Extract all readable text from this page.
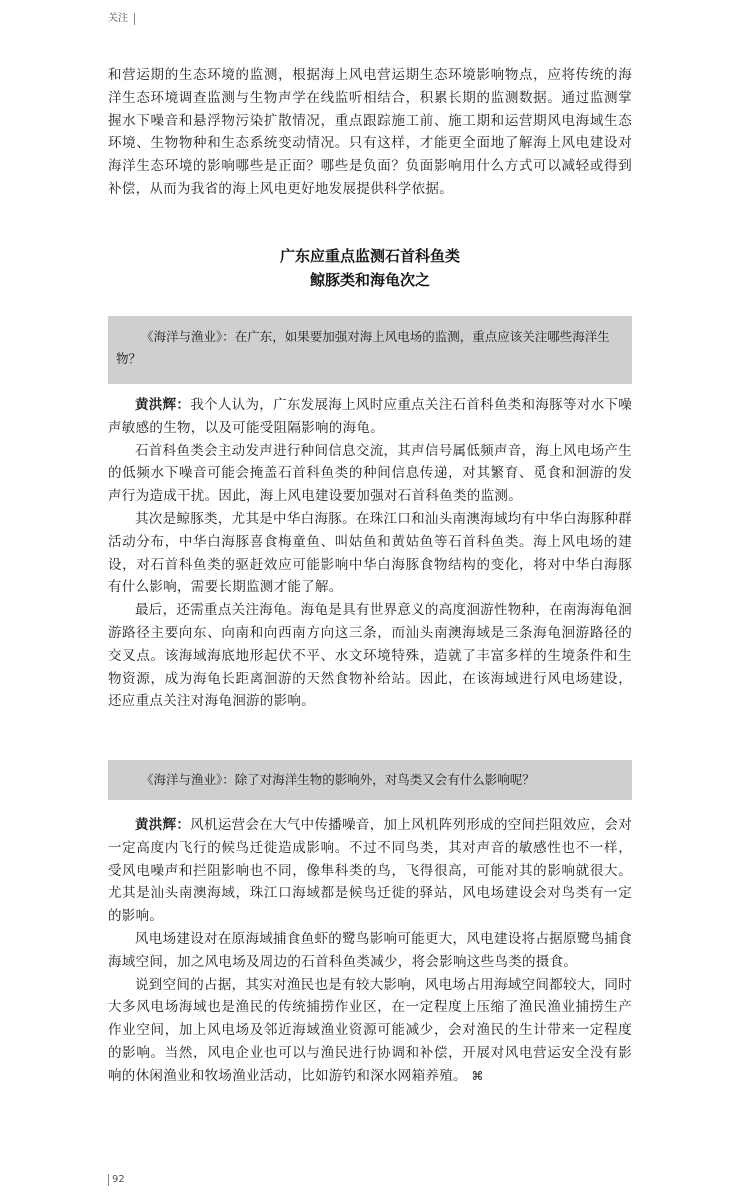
关注

和营运期的生态环境的监测，根据海上风电营运期生态环境影响物点，应将传统的海洋生态环境调查监测与生物声学在线监听相结合，积累长期的监测数据。通过监测掌握水下噪音和悬浮物污染扩散情况，重点跟踪施工前、施工期和运营期风电海域生态环境、生物物种和生态系统变动情况。只有这样，才能更全面地了解海上风电建设对海洋生态环境的影响哪些是正面？哪些是负面？负面影响用什么方式可以减轻或得到补偿，从而为我省的海上风电更好地发展提供科学依据。

广东应重点监测石首科鱼类
鲸豚类和海龟次之

《海洋与渔业》：在广东，如果要加强对海上风电场的监测，重点应该关注哪些海洋生物？

黄洪辉：我个人认为，广东发展海上风时应重点关注石首科鱼类和海豚等对水下噪声敏感的生物，以及可能受阻隔影响的海龟。

石首科鱼类会主动发声进行种间信息交流，其声信号属低频声音，海上风电场产生的低频水下噪音可能会掩盖石首科鱼类的种间信息传递，对其繁育、觅食和洄游的发声行为造成干扰。因此，海上风电建设要加强对石首科鱼类的监测。

其次是鲸豚类，尤其是中华白海豚。在珠江口和汕头南澳海域均有中华白海豚种群活动分布，中华白海豚喜食梅童鱼、叫姑鱼和黄姑鱼等石首科鱼类。海上风电场的建设，对石首科鱼类的驱赶效应可能影响中华白海豚食物结构的变化，将对中华白海豚有什么影响，需要长期监测才能了解。

最后，还需重点关注海龟。海龟是具有世界意义的高度洄游性物种，在南海海龟洄游路径主要向东、向南和向西南方向这三条，而汕头南澳海域是三条海龟洄游路径的交叉点。该海域海底地形起伏不平、水文环境特殊，造就了丰富多样的生境条件和生物资源，成为海龟长距离洄游的天然食物补给站。因此，在该海域进行风电场建设，还应重点关注对海龟洄游的影响。

《海洋与渔业》：除了对海洋生物的影响外，对鸟类又会有什么影响呢？

黄洪辉：风机运营会在大气中传播噪音，加上风机阵列形成的空间拦阻效应，会对一定高度内飞行的候鸟迁徙造成影响。不过不同鸟类，其对声音的敏感性也不一样，受风电噪声和拦阻影响也不同，像隼科类的鸟，飞得很高，可能对其的影响就很大。尤其是汕头南澳海域，珠江口海域都是候鸟迁徙的驿站，风电场建设会对鸟类有一定的影响。

风电场建设对在原海域捕食鱼虾的鹭鸟影响可能更大，风电建设将占据原鹭鸟捕食海域空间，加之风电场及周边的石首科鱼类减少，将会影响这些鸟类的摄食。

说到空间的占据，其实对渔民也是有较大影响，风电场占用海域空间都较大，同时大多风电场海域也是渔民的传统捕捞作业区，在一定程度上压缩了渔民渔业捕捞生产作业空间，加上风电场及邻近海域渔业资源可能减少，会对渔民的生计带来一定程度的影响。当然，风电企业也可以与渔民进行协调和补偿，开展对风电营运安全没有影响的休闲渔业和牧场渔业活动，比如游钓和深水网箱养殖。 ⌘

92
